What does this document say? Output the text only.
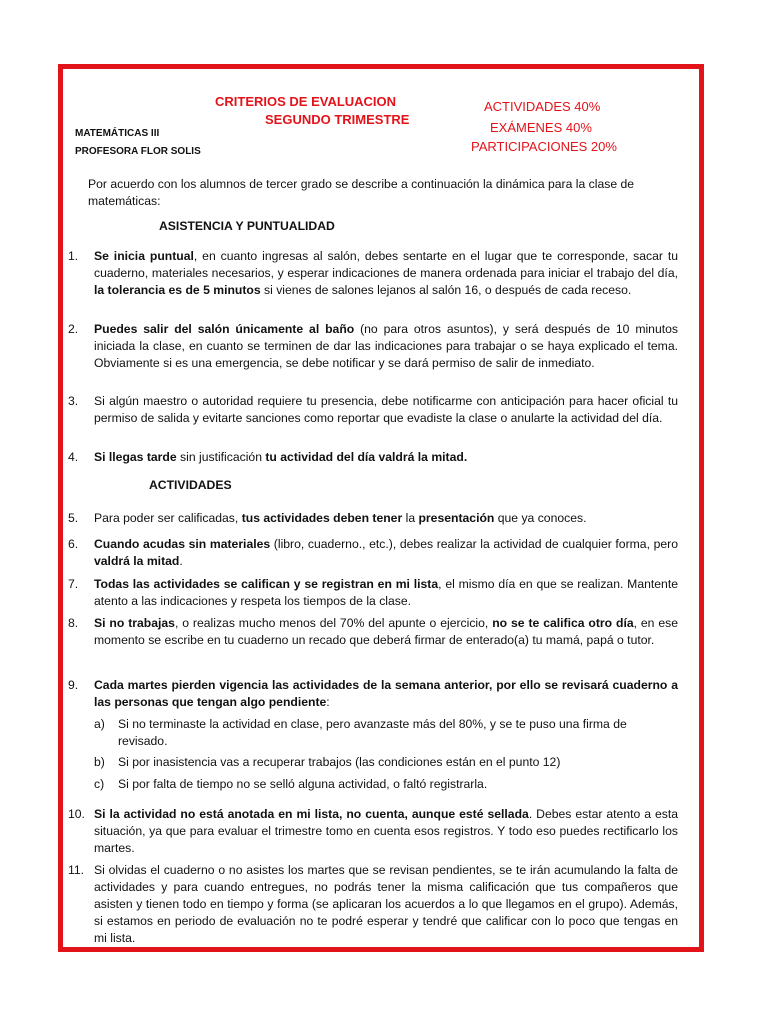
CRITERIOS DE EVALUACION
SEGUNDO TRIMESTRE
ACTIVIDADES 40%
EXÁMENES 40%
PARTICIPACIONES 20%
MATEMÁTICAS III
PROFESORA FLOR SOLIS
Por acuerdo con los alumnos de tercer grado se describe a continuación la dinámica para la clase de matemáticas:
ASISTENCIA Y PUNTUALIDAD
ACTIVIDADES
1.	Se inicia puntual, en cuanto ingresas al salón, debes sentarte en el lugar que te corresponde, sacar tu cuaderno, materiales necesarios, y esperar indicaciones de manera ordenada para iniciar el trabajo del día, la tolerancia es de 5 minutos si vienes de salones lejanos al salón 16, o después de cada receso.
2.	Puedes salir del salón únicamente al baño (no para otros asuntos), y será después de 10 minutos iniciada la clase, en cuanto se terminen de dar las indicaciones para trabajar o se haya explicado el tema. Obviamente si es una emergencia, se debe notificar y se dará permiso de salir de inmediato.
3.	Si algún maestro o autoridad requiere tu presencia, debe notificarme con anticipación para hacer oficial tu permiso de salida y evitarte sanciones como reportar que evadiste la clase o anularte la actividad del día.
4.	Si llegas tarde sin justificación tu actividad del día valdrá la mitad.
5.	Para poder ser calificadas, tus actividades deben tener la presentación que ya conoces.
6.	Cuando acudas sin materiales (libro, cuaderno., etc.), debes realizar la actividad de cualquier forma, pero valdrá la mitad.
7.	Todas las actividades se califican y se registran en mi lista, el mismo día en que se realizan. Mantente atento a las indicaciones y respeta los tiempos de la clase.
8.	Si no trabajas, o realizas mucho menos del 70% del apunte o ejercicio, no se te califica otro día, en ese momento se escribe en tu cuaderno un recado que deberá firmar de enterado(a) tu mamá, papá o tutor.
9.	Cada martes pierden vigencia las actividades de la semana anterior, por ello se revisará cuaderno a las personas que tengan algo pendiente:
a) Si no terminaste la actividad en clase, pero avanzaste más del 80%, y se te puso una firma de revisado.
b) Si por inasistencia vas a recuperar trabajos (las condiciones están en el punto 12)
c) Si por falta de tiempo no se selló alguna actividad, o faltó registrarla.
10. Si la actividad no está anotada en mi lista, no cuenta, aunque esté sellada. Debes estar atento a esta situación, ya que para evaluar el trimestre tomo en cuenta esos registros. Y todo eso puedes rectificarlo los martes.
11. Si olvidas el cuaderno o no asistes los martes que se revisan pendientes, se te irán acumulando la falta de actividades y para cuando entregues, no podrás tener la misma calificación que tus compañeros que asisten y tienen todo en tiempo y forma (se aplicaran los acuerdos a lo que llegamos en el grupo). Además, si estamos en periodo de evaluación no te podré esperar y tendré que calificar con lo poco que tengas en mi lista.
